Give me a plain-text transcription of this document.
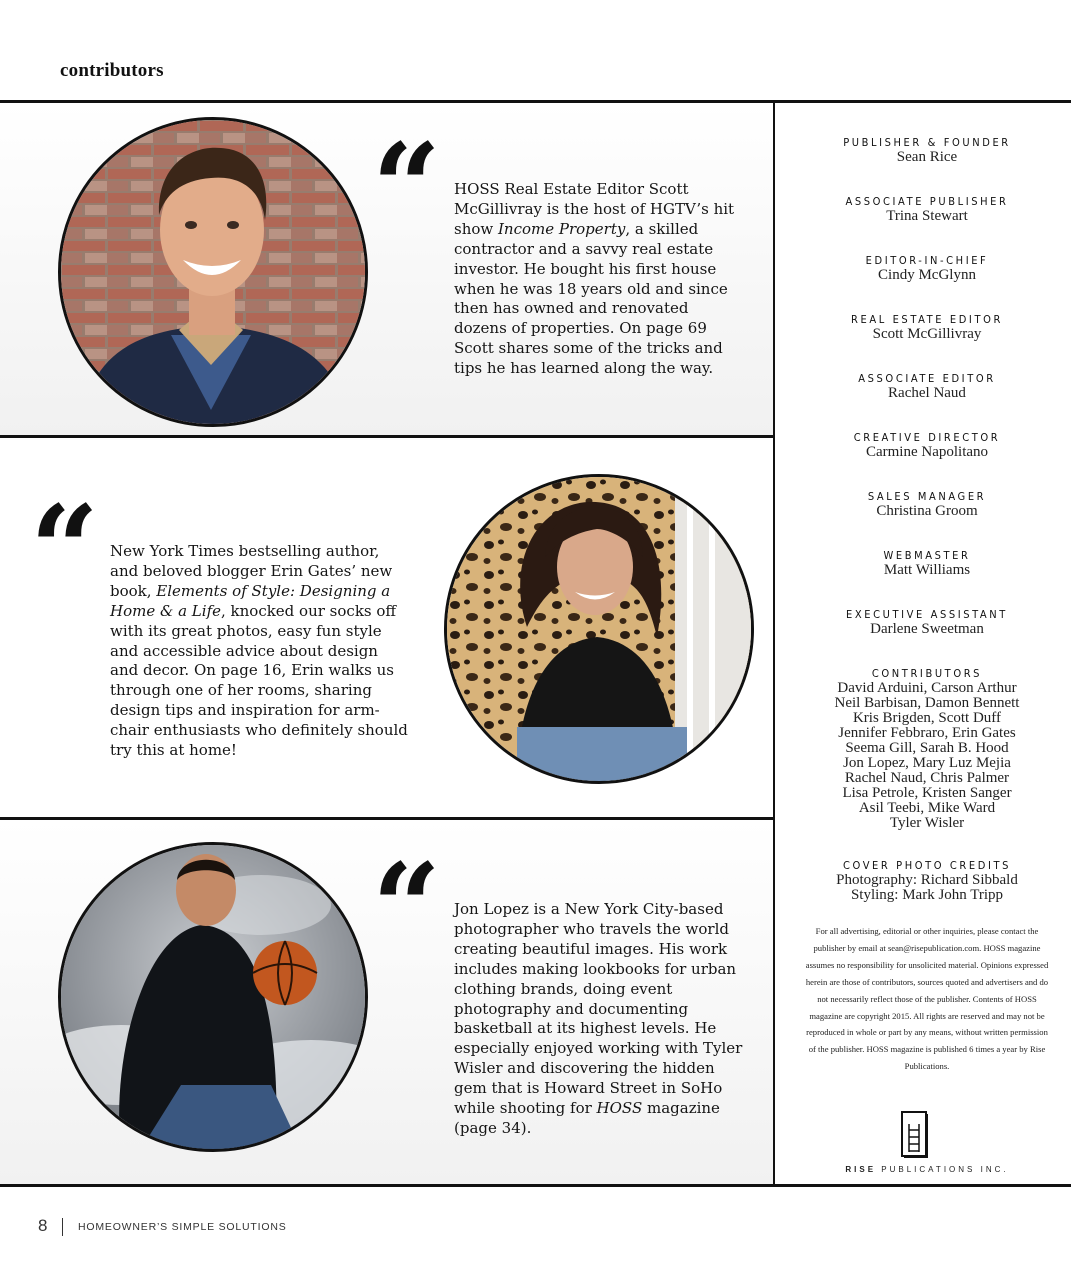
contributors
“ HOSS Real Estate Editor Scott McGillivray is the host of HGTV’s hit show Income Property, a skilled contractor and a savvy real estate investor. He bought his first house when he was 18 years old and since then has owned and renovated dozens of properties. On page 69 Scott shares some of the tricks and tips he has learned along the way.
“ New York Times bestselling author, and beloved blogger Erin Gates’ new book, Elements of Style: Designing a Home & a Life, knocked our socks off with its great photos, easy fun style and accessible advice about design and decor. On page 16, Erin walks us through one of her rooms, sharing design tips and inspiration for arm-chair enthusiasts who definitely should try this at home!
“ Jon Lopez is a New York City-based photographer who travels the world creating beautiful images. His work includes making lookbooks for urban clothing brands, doing event photography and documenting basketball at its highest levels. He especially enjoyed working with Tyler Wisler and discovering the hidden gem that is Howard Street in SoHo while shooting for HOSS magazine (page 34).
PUBLISHER & FOUNDER
Sean Rice
ASSOCIATE PUBLISHER
Trina Stewart
EDITOR-IN-CHIEF
Cindy McGlynn
REAL ESTATE EDITOR
Scott McGillivray
ASSOCIATE EDITOR
Rachel Naud
CREATIVE DIRECTOR
Carmine Napolitano
SALES MANAGER
Christina Groom
WEBMASTER
Matt Williams
EXECUTIVE ASSISTANT
Darlene Sweetman
CONTRIBUTORS
David Arduini, Carson Arthur
Neil Barbisan, Damon Bennett
Kris Brigden, Scott Duff
Jennifer Febbraro, Erin Gates
Seema Gill, Sarah B. Hood
Jon Lopez, Mary Luz Mejia
Rachel Naud, Chris Palmer
Lisa Petrole, Kristen Sanger
Asil Teebi, Mike Ward
Tyler Wisler
COVER PHOTO CREDITS
Photography: Richard Sibbald
Styling: Mark John Tripp
For all advertising, editorial or other inquiries, please contact the publisher by email at sean@risepublication.com. HOSS magazine assumes no responsibility for unsolicited material. Opinions expressed herein are those of contributors, sources quoted and advertisers and do not necessarily reflect those of the publisher. Contents of HOSS magazine are copyright 2015. All rights are reserved and may not be reproduced in whole or part by any means, without written permission of the publisher. HOSS magazine is published 6 times a year by Rise Publications.
RISE PUBLICATIONS INC.
8	HOMEOWNER’S SIMPLE SOLUTIONS
